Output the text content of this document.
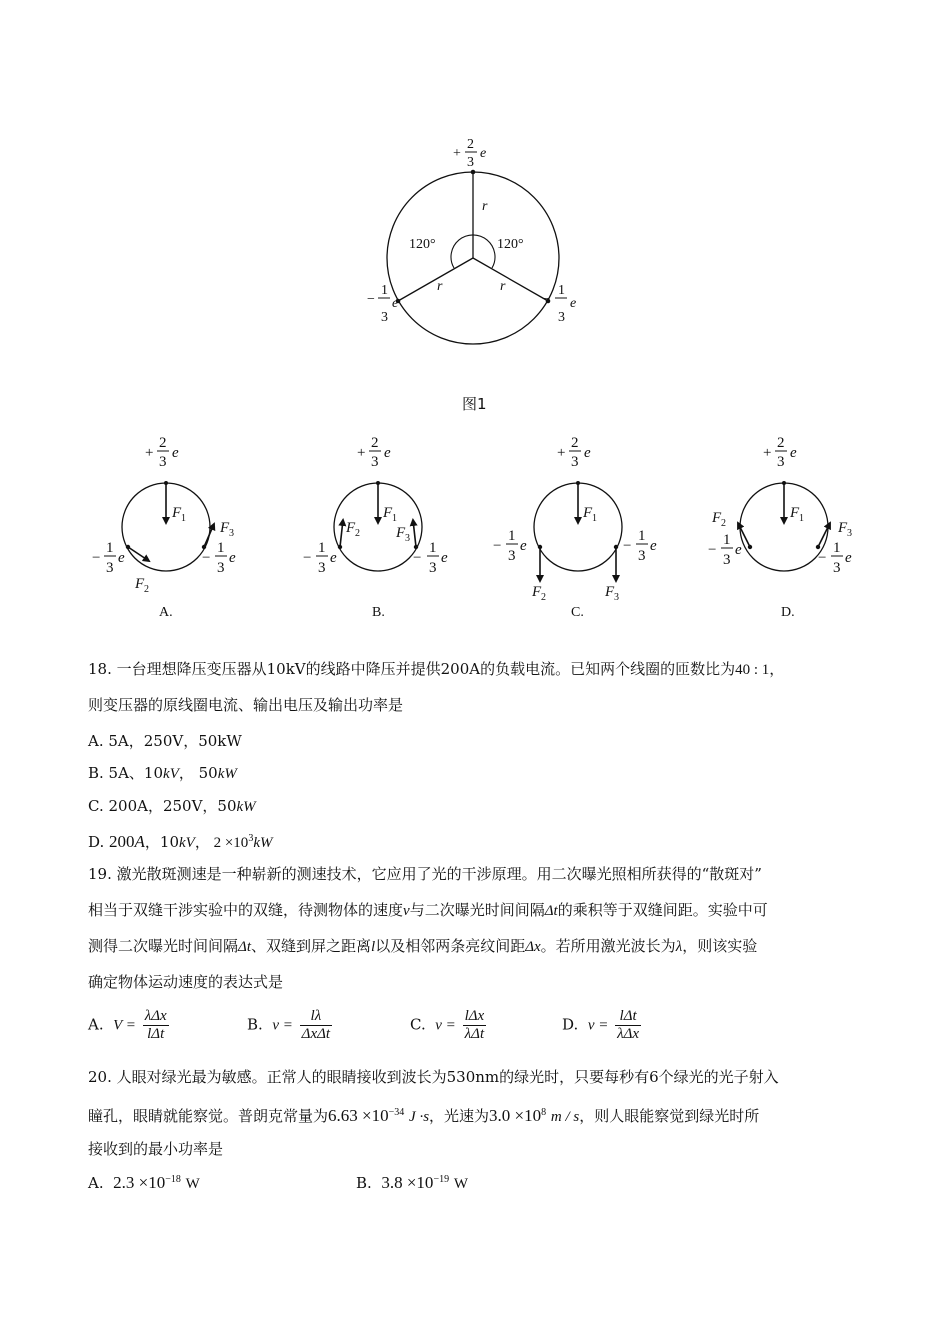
120°	120°
r
r	r
+
2
3
e
−
1
3
e	−
1
3
e
图1
+
2
3
e
−
1
3
e	−
1
3
e
F 1
F 2
F 3
A.
+
2
3
e
−
1
3
e	−
1
3
e
F 1
F 2 F 3
B.
+
2
3
e
−
1
3
e	−
1
3
e
F 1
F 2	F 3
C.
+
2
3
e
−
1
3
e	−
1
3
e
F 1
F 2	F 3
D.
18. 一台理想降压变压器从10kV的线路中降压并提供200A的负载电流。已知两个线圈的匝数比为40 : 1，
则变压器的原线圈电流、输出电压及输出功率是
A. 5A，250V，50kW
B. 5A、10kV， 50kW
C. 200A，250V，50kW
D. 200A，10kV， $2 \times 10^3kW$
19. 激光散斑测速是一种崭新的测速技术，它应用了光的干涉原理。用二次曝光照相所获得的“散斑对”
相当于双缝干涉实验中的双缝，待测物体的速度v与二次曝光时间间隔Δt的乘积等于双缝间距。实验中可
测得二次曝光时间间隔Δt、双缝到屏之距离l以及相邻两条亮纹间距Δx。若所用激光波长为λ，则该实验
确定物体运动速度的表达式是
A. $V = \frac{\text{λΔx}}{\text{lΔt}}$	B. $v = \frac{l\lambda}{\text{ΔxΔt}}$	C. $v = \frac{\text{lΔx}}{\text{λΔt}}$	D. $v = \frac{\text{lΔt}}{\text{λΔx}}$
20. 人眼对绿光最为敏感。正常人的眼睛接收到波长为530nm的绿光时，只要每秒有6个绿光的光子射入
瞳孔，眼睛就能察觉。普朗克常量为$6.63 \times 10^{-34}$ J ·s，光速为$3.0 \times 10^8$ m / s，则人眼能察觉到绿光时所
接收到的最小功率是
A. $2.3 \times 10^{-18}$ W	B. $3.8 \times 10^{-19}$ W
